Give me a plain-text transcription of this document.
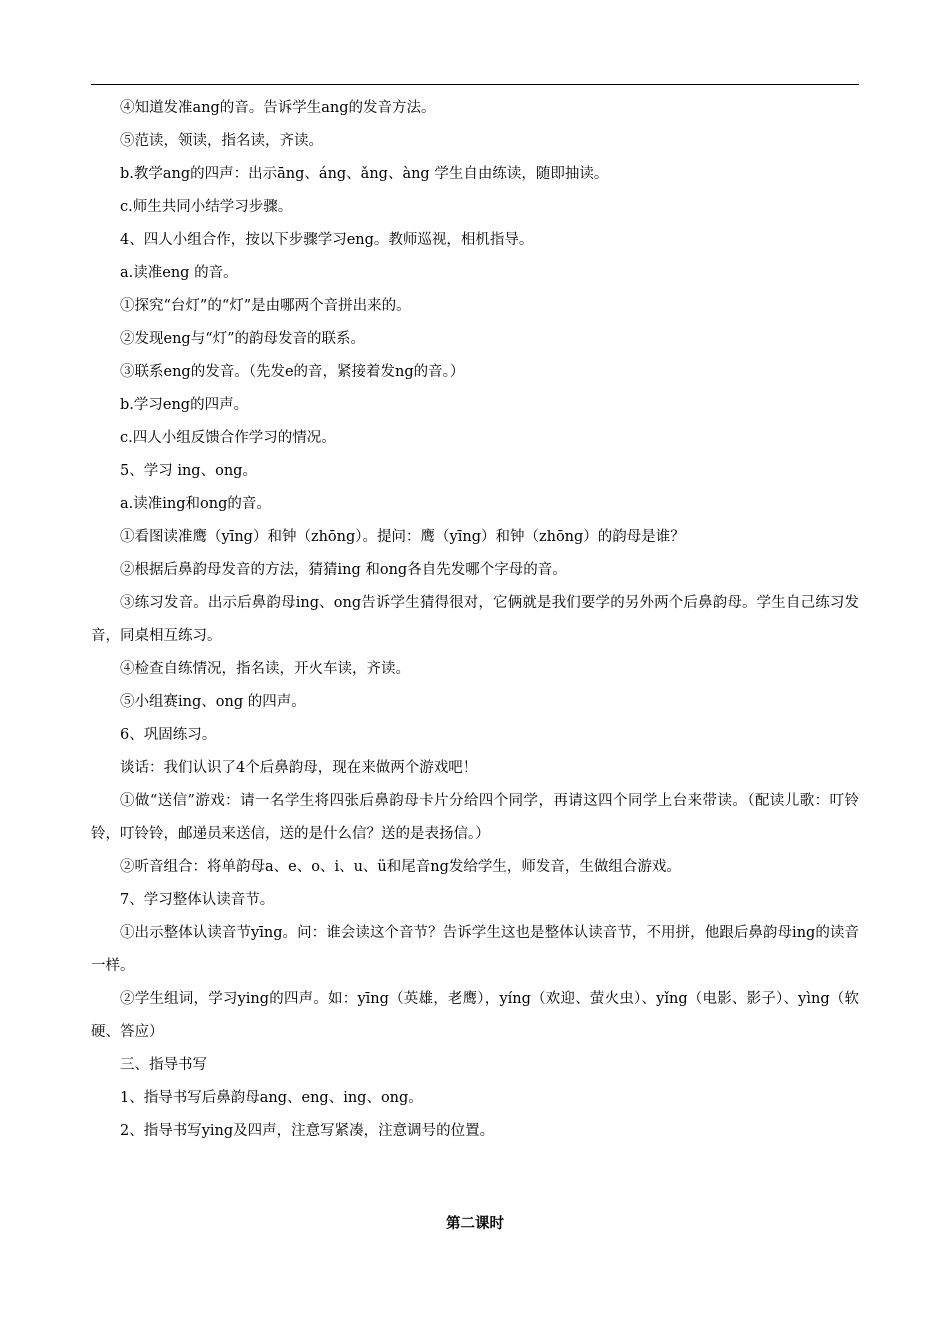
④知道发准ang的音。告诉学生ang的发音方法。

⑤范读，领读，指名读，齐读。

b.教学ang的四声：出示āng、áng、ǎng、àng 学生自由练读，随即抽读。

c.师生共同小结学习步骤。

4、四人小组合作，按以下步骤学习eng。教师巡视，相机指导。

a.读准eng 的音。

①探究“台灯”的“灯”是由哪两个音拼出来的。

②发现eng与“灯”的韵母发音的联系。

③联系eng的发音。（先发e的音，紧接着发ng的音。）

b.学习eng的四声。

c.四人小组反馈合作学习的情况。

5、学习 ing、ong。

a.读准ing和ong的音。

①看图读准鹰（yīng）和钟（zhōng）。提问：鹰（yīng）和钟（zhōng）的韵母是谁？

②根据后鼻韵母发音的方法，猜猜ing 和ong各自先发哪个字母的音。

③练习发音。出示后鼻韵母ing、ong告诉学生猜得很对，它俩就是我们要学的另外两个后鼻韵母。学生自己练习发音，同桌相互练习。

④检查自练情况，指名读，开火车读，齐读。

⑤小组赛ing、ong 的四声。

6、巩固练习。

谈话：我们认识了4个后鼻韵母，现在来做两个游戏吧！

①做“送信”游戏：请一名学生将四张后鼻韵母卡片分给四个同学，再请这四个同学上台来带读。（配读儿歌：叮铃铃，叮铃铃，邮递员来送信，送的是什么信？送的是表扬信。）

②听音组合：将单韵母a、e、o、i、u、ü和尾音ng发给学生，师发音，生做组合游戏。

7、学习整体认读音节。

①出示整体认读音节yīng。问：谁会读这个音节？告诉学生这也是整体认读音节，不用拼，他跟后鼻韵母ing的读音一样。

②学生组词，学习ying的四声。如：yīng（英雄，老鹰），yíng（欢迎、萤火虫）、yǐng（电影、影子）、yìng（软硬、答应）

三、指导书写

1、指导书写后鼻韵母ang、eng、ing、ong。

2、指导书写ying及四声，注意写紧凑，注意调号的位置。

第二课时
